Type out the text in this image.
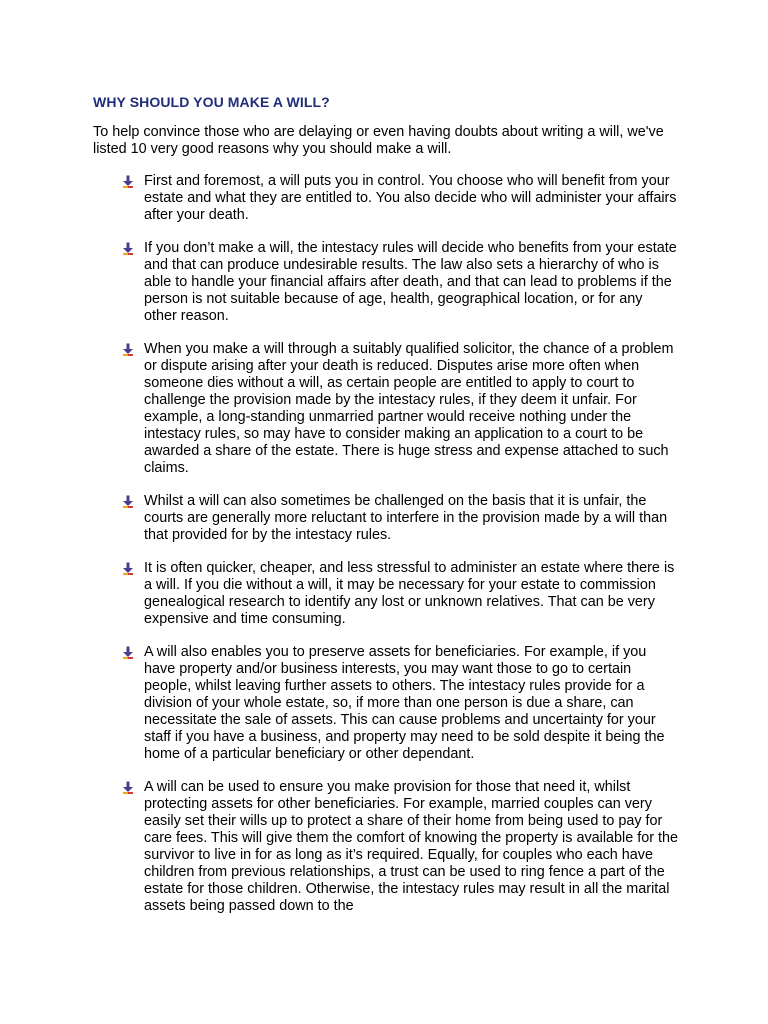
WHY SHOULD YOU MAKE A WILL?

To help convince those who are delaying or even having doubts about writing a will, we've listed 10 very good reasons why you should make a will.

First and foremost, a will puts you in control. You choose who will benefit from your estate and what they are entitled to. You also decide who will administer your affairs after your death.
If you don’t make a will, the intestacy rules will decide who benefits from your estate and that can produce undesirable results. The law also sets a hierarchy of who is able to handle your financial affairs after death, and that can lead to problems if the person is not suitable because of age, health, geographical location, or for any other reason.
When you make a will through a suitably qualified solicitor, the chance of a problem or dispute arising after your death is reduced. Disputes arise more often when someone dies without a will, as certain people are entitled to apply to court to challenge the provision made by the intestacy rules, if they deem it unfair. For example, a long-standing unmarried partner would receive nothing under the intestacy rules, so may have to consider making an application to a court to be awarded a share of the estate. There is huge stress and expense attached to such claims.
Whilst a will can also sometimes be challenged on the basis that it is unfair, the courts are generally more reluctant to interfere in the provision made by a will than that provided for by the intestacy rules.
It is often quicker, cheaper, and less stressful to administer an estate where there is a will. If you die without a will, it may be necessary for your estate to commission genealogical research to identify any lost or unknown relatives. That can be very expensive and time consuming.
A will also enables you to preserve assets for beneficiaries. For example, if you have property and/or business interests, you may want those to go to certain people, whilst leaving further assets to others. The intestacy rules provide for a division of your whole estate, so, if more than one person is due a share, can necessitate the sale of assets. This can cause problems and uncertainty for your staff if you have a business, and property may need to be sold despite it being the home of a particular beneficiary or other dependant.
A will can be used to ensure you make provision for those that need it, whilst protecting assets for other beneficiaries. For example, married couples can very easily set their wills up to protect a share of their home from being used to pay for care fees. This will give them the comfort of knowing the property is available for the survivor to live in for as long as it’s required. Equally, for couples who each have children from previous relationships, a trust can be used to ring fence a part of the estate for those children. Otherwise, the intestacy rules may result in all the marital assets being passed down to the
